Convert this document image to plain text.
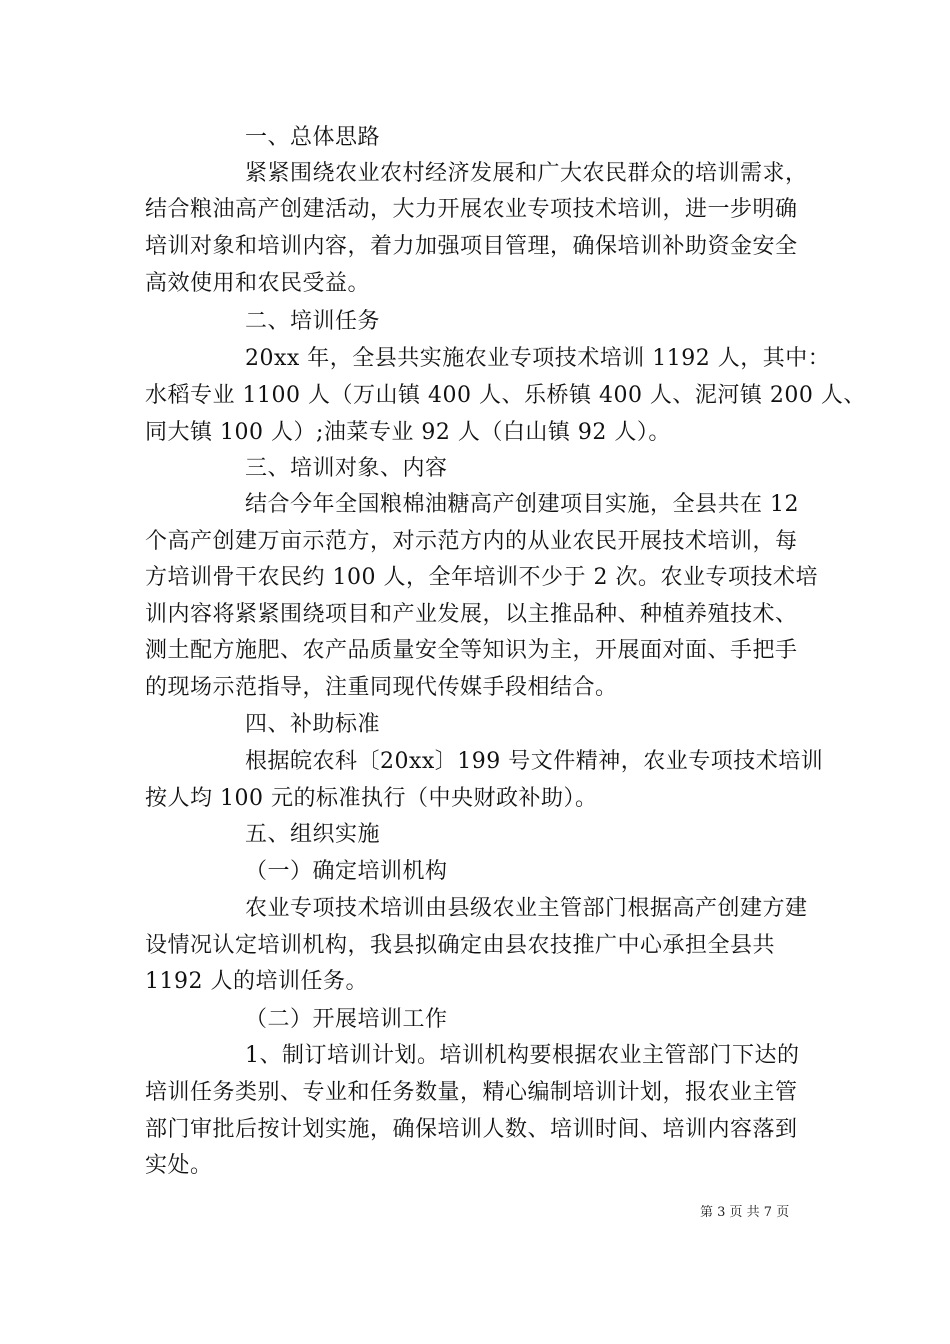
一、总体思路
紧紧围绕农业农村经济发展和广大农民群众的培训需求，
结合粮油高产创建活动，大力开展农业专项技术培训，进一步明确
培训对象和培训内容，着力加强项目管理，确保培训补助资金安全
高效使用和农民受益。
二、培训任务
20xx 年，全县共实施农业专项技术培训 1192 人，其中：
水稻专业 1100 人（万山镇 400 人、乐桥镇 400 人、泥河镇 200 人、
同大镇 100 人）;油菜专业 92 人（白山镇 92 人）。
三、培训对象、内容
结合今年全国粮棉油糖高产创建项目实施，全县共在 12
个高产创建万亩示范方，对示范方内的从业农民开展技术培训，每
方培训骨干农民约 100 人，全年培训不少于 2 次。农业专项技术培
训内容将紧紧围绕项目和产业发展，以主推品种、种植养殖技术、
测土配方施肥、农产品质量安全等知识为主，开展面对面、手把手
的现场示范指导，注重同现代传媒手段相结合。
四、补助标准
根据皖农科〔20xx〕199 号文件精神，农业专项技术培训
按人均 100 元的标准执行（中央财政补助）。
五、组织实施
（一）确定培训机构
农业专项技术培训由县级农业主管部门根据高产创建方建
设情况认定培训机构，我县拟确定由县农技推广中心承担全县共
1192 人的培训任务。
（二）开展培训工作
1、制订培训计划。培训机构要根据农业主管部门下达的
培训任务类别、专业和任务数量，精心编制培训计划，报农业主管
部门审批后按计划实施，确保培训人数、培训时间、培训内容落到
实处。
第 3 页 共 7 页
